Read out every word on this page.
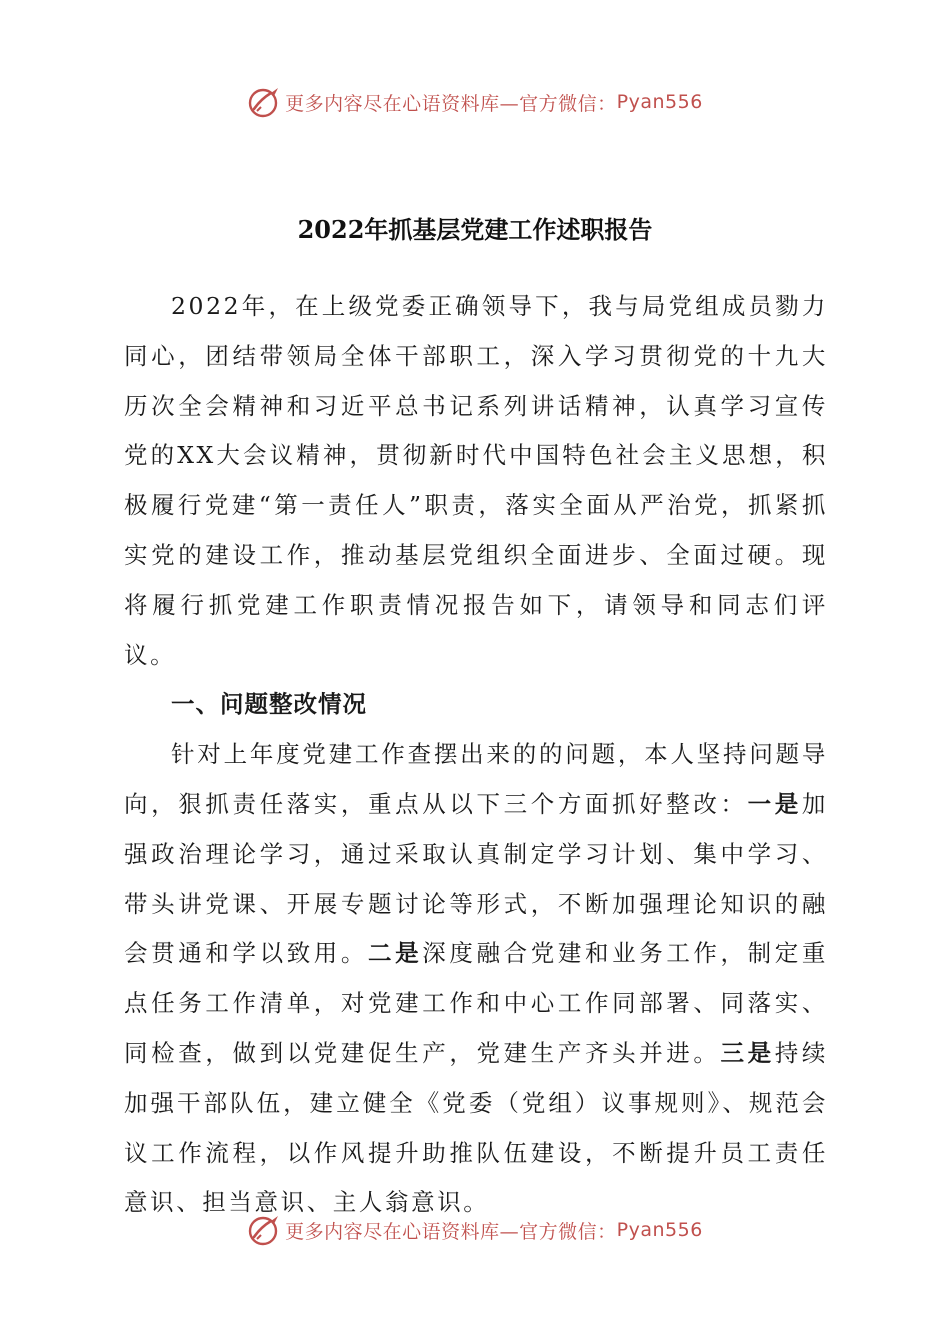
更多内容尽在心语资料库—官方微信： Pyan556
2022年抓基层党建工作述职报告

2022年，在上级党委正确领导下，我与局党组成员勠力同心，团结带领局全体干部职工，深入学习贯彻党的十九大历次全会精神和习近平总书记系列讲话精神，认真学习宣传党的XX大会议精神，贯彻新时代中国特色社会主义思想，积极履行党建“第一责任人”职责，落实全面从严治党，抓紧抓实党的建设工作，推动基层党组织全面进步、全面过硬。现将履行抓党建工作职责情况报告如下，请领导和同志们评议。

一、问题整改情况

针对上年度党建工作查摆出来的的问题，本人坚持问题导向，狠抓责任落实，重点从以下三个方面抓好整改：一是加强政治理论学习，通过采取认真制定学习计划、集中学习、带头讲党课、开展专题讨论等形式，不断加强理论知识的融会贯通和学以致用。二是深度融合党建和业务工作，制定重点任务工作清单，对党建工作和中心工作同部署、同落实、同检查，做到以党建促生产，党建生产齐头并进。三是持续加强干部队伍，建立健全《党委（党组）议事规则》、规范会议工作流程，以作风提升助推队伍建设，不断提升员工责任意识、担当意识、主人翁意识。

更多内容尽在心语资料库—官方微信： Pyan556
